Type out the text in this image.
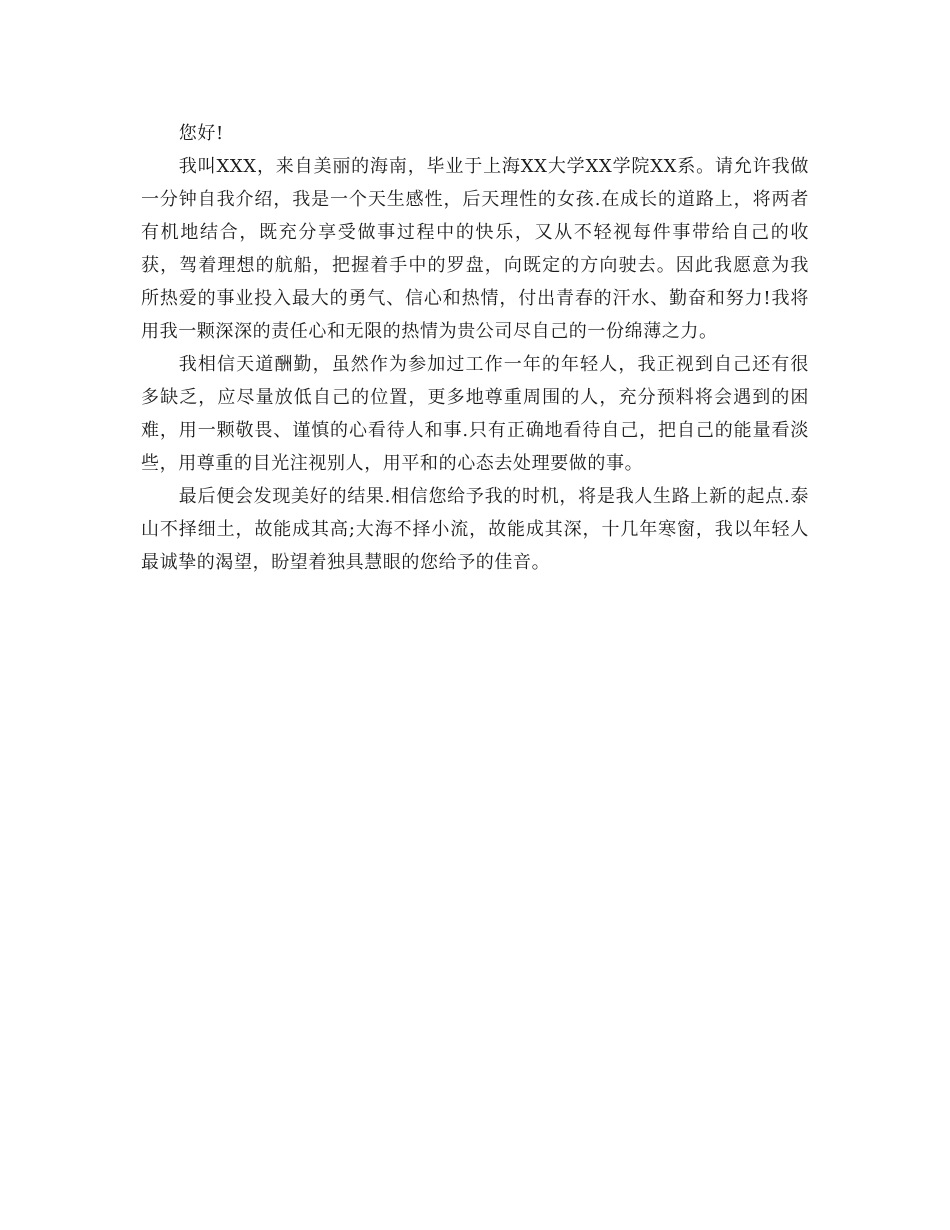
您好!

我叫XXX，来自美丽的海南，毕业于上海XX大学XX学院XX系。请允许我做一分钟自我介绍，我是一个天生感性，后天理性的女孩.在成长的道路上，将两者有机地结合，既充分享受做事过程中的快乐，又从不轻视每件事带给自己的收获，驾着理想的航船，把握着手中的罗盘，向既定的方向驶去。因此我愿意为我所热爱的事业投入最大的勇气、信心和热情，付出青春的汗水、勤奋和努力!我将用我一颗深深的责任心和无限的热情为贵公司尽自己的一份绵薄之力。

我相信天道酬勤，虽然作为参加过工作一年的年轻人，我正视到自己还有很多缺乏，应尽量放低自己的位置，更多地尊重周围的人，充分预料将会遇到的困难，用一颗敬畏、谨慎的心看待人和事.只有正确地看待自己，把自己的能量看淡些，用尊重的目光注视别人，用平和的心态去处理要做的事。

最后便会发现美好的结果.相信您给予我的时机，将是我人生路上新的起点.泰山不择细土，故能成其高;大海不择小流，故能成其深，十几年寒窗，我以年轻人最诚挚的渴望，盼望着独具慧眼的您给予的佳音。
